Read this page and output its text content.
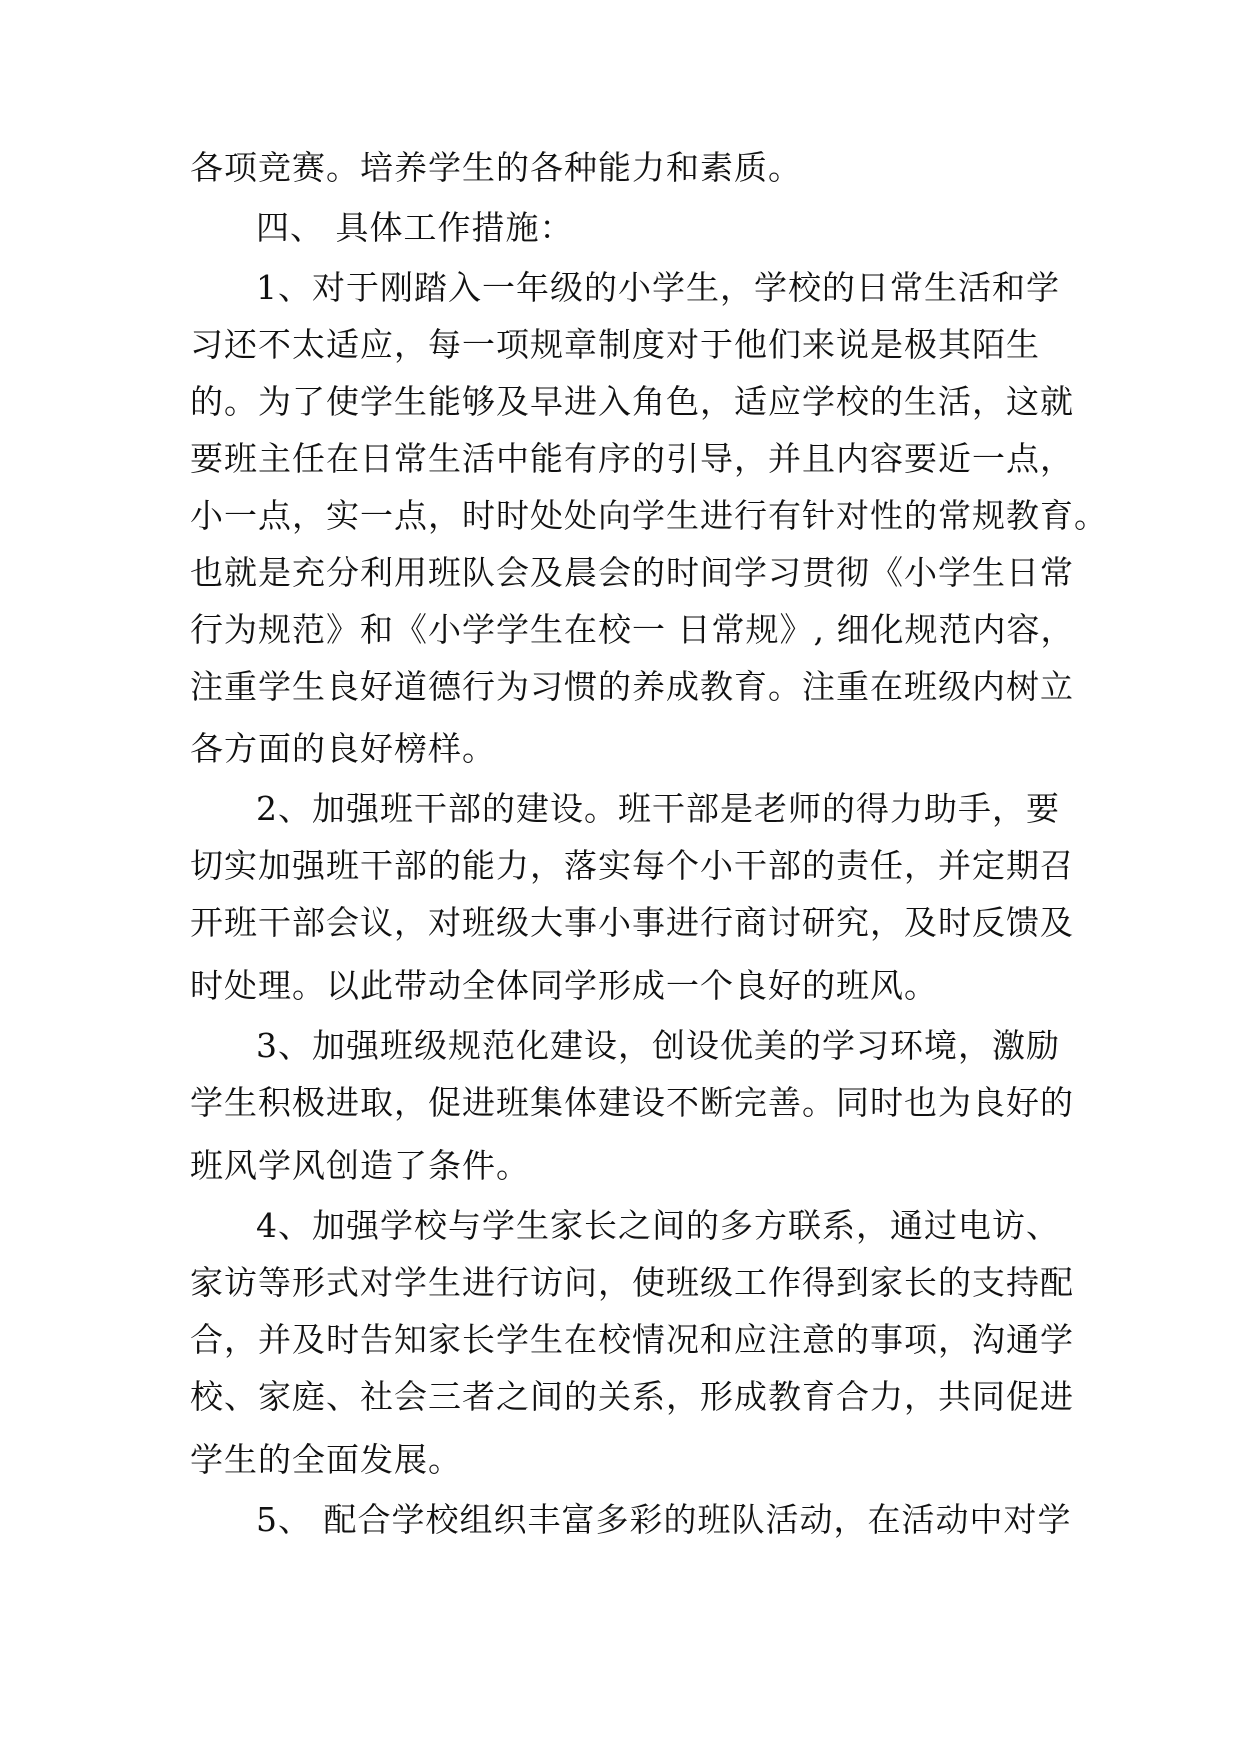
各项竞赛。培养学生的各种能力和素质。
四、 具体工作措施：
1、对于刚踏入一年级的小学生，学校的日常生活和学
习还不太适应，每一项规章制度对于他们来说是极其陌生
的。为了使学生能够及早进入角色，适应学校的生活，这就
要班主任在日常生活中能有序的引导，并且内容要近一点，
小一点，实一点，时时处处向学生进行有针对性的常规教育。
也就是充分利用班队会及晨会的时间学习贯彻《小学生日常
行为规范》和《小学学生在校一 日常规》, 细化规范内容，
注重学生良好道德行为习惯的养成教育。注重在班级内树立
各方面的良好榜样。
2、加强班干部的建设。班干部是老师的得力助手，要
切实加强班干部的能力，落实每个小干部的责任，并定期召
开班干部会议，对班级大事小事进行商讨研究，及时反馈及
时处理。以此带动全体同学形成一个良好的班风。
3、加强班级规范化建设，创设优美的学习环境，激励
学生积极进取，促进班集体建设不断完善。同时也为良好的
班风学风创造了条件。
4、加强学校与学生家长之间的多方联系，通过电访、
家访等形式对学生进行访问，使班级工作得到家长的支持配
合，并及时告知家长学生在校情况和应注意的事项，沟通学
校、家庭、社会三者之间的关系，形成教育合力，共同促进
学生的全面发展。
5、 配合学校组织丰富多彩的班队活动，在活动中对学
